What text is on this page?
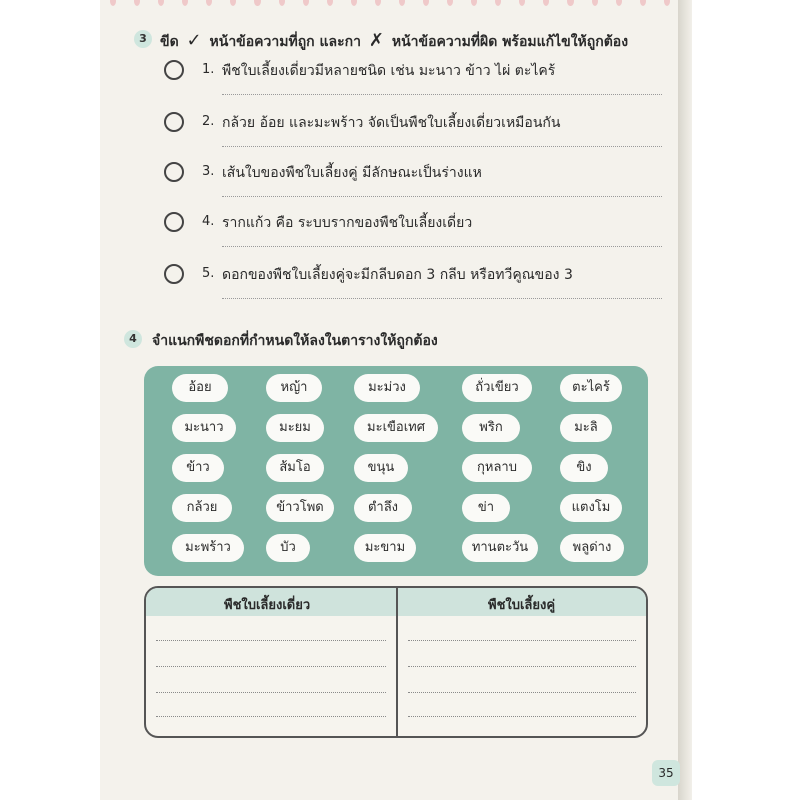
3 ขีด ✓ หน้าข้อความที่ถูก และกา ✗ หน้าข้อความที่ผิด พร้อมแก้ไขให้ถูกต้อง
1. พืชใบเลี้ยงเดี่ยวมีหลายชนิด เช่น มะนาว ข้าว ไผ่ ตะไคร้
2. กล้วย อ้อย และมะพร้าว จัดเป็นพืชใบเลี้ยงเดี่ยวเหมือนกัน
3. เส้นใบของพืชใบเลี้ยงคู่ มีลักษณะเป็นร่างแห
4. รากแก้ว คือ ระบบรากของพืชใบเลี้ยงเดี่ยว
5. ดอกของพืชใบเลี้ยงคู่จะมีกลีบดอก 3 กลีบ หรือทวีคูณของ 3
4	จำแนกพืชดอกที่กำหนดให้ลงในตารางให้ถูกต้อง
อ้อย	หญ้า	มะม่วง	ถั่วเขียว	ตะไคร้
มะนาว	มะยม	มะเขือเทศ	พริก	มะลิ
ข้าว	ส้มโอ	ขนุน	กุหลาบ	ขิง
กล้วย	ข้าวโพด	ตำลึง	ข่า	แตงโม
มะพร้าว	บัว	มะขาม	ทานตะวัน	พลูด่าง
พืชใบเลี้ยงเดี่ยว	พืชใบเลี้ยงคู่
35
